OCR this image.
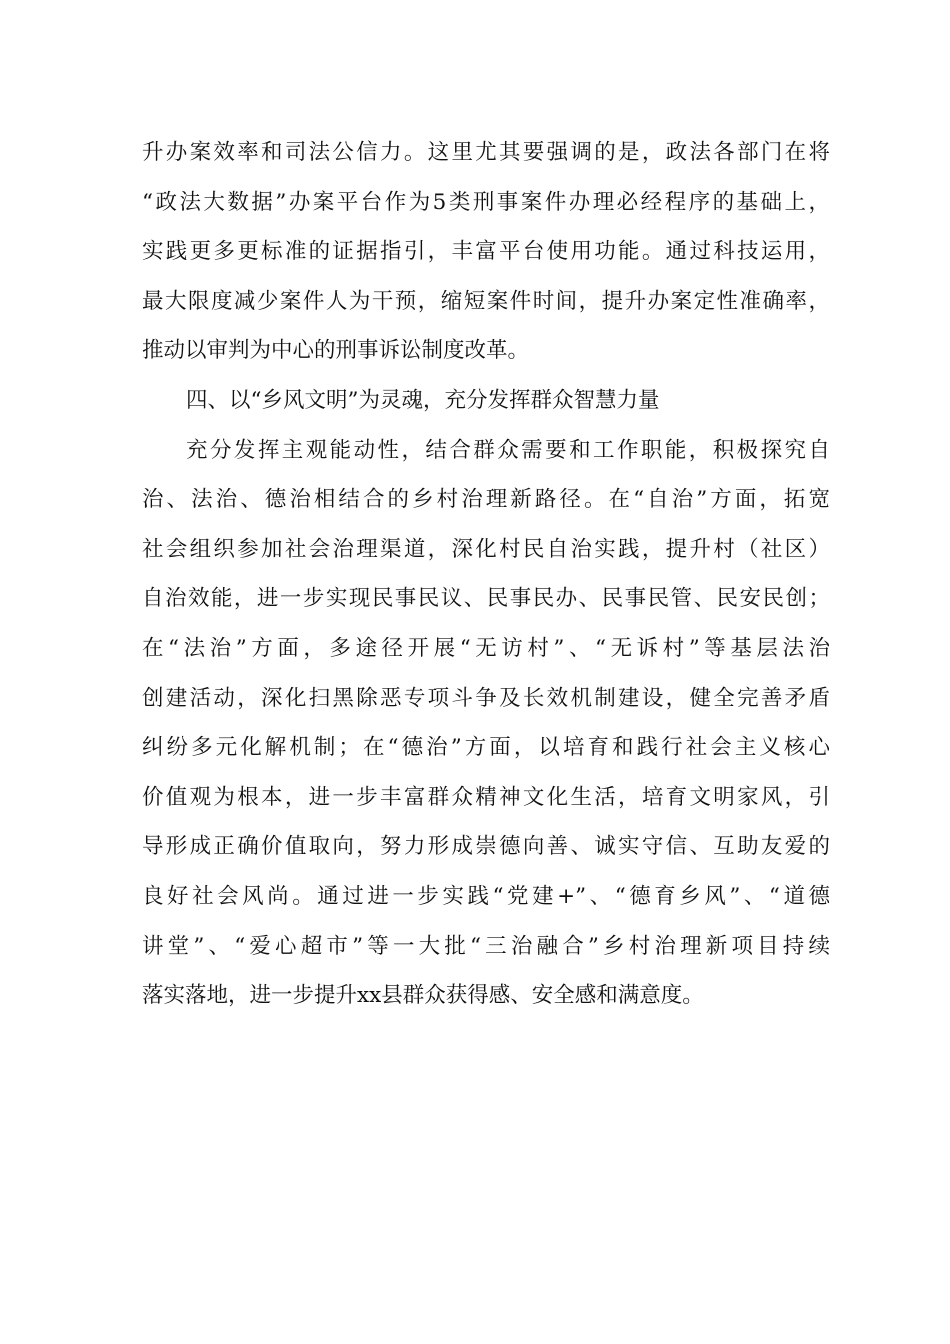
升办案效率和司法公信力。这里尤其要强调的是，政法各部门在将
“政法大数据”办案平台作为5类刑事案件办理必经程序的基础上，
实践更多更标准的证据指引，丰富平台使用功能。通过科技运用，
最大限度减少案件人为干预，缩短案件时间，提升办案定性准确率，
推动以审判为中心的刑事诉讼制度改革。
四、以“乡风文明”为灵魂，充分发挥群众智慧力量
充分发挥主观能动性，结合群众需要和工作职能，积极探究自
治、法治、德治相结合的乡村治理新路径。在“自治”方面，拓宽
社会组织参加社会治理渠道，深化村民自治实践，提升村（社区）
自治效能，进一步实现民事民议、民事民办、民事民管、民安民创；
在“法治”方面，多途径开展“无访村”、“无诉村”等基层法治
创建活动，深化扫黑除恶专项斗争及长效机制建设，健全完善矛盾
纠纷多元化解机制；在“德治”方面，以培育和践行社会主义核心
价值观为根本，进一步丰富群众精神文化生活，培育文明家风，引
导形成正确价值取向，努力形成崇德向善、诚实守信、互助友爱的
良好社会风尚。通过进一步实践“党建+”、“德育乡风”、“道德
讲堂”、“爱心超市”等一大批“三治融合”乡村治理新项目持续
落实落地，进一步提升xx县群众获得感、安全感和满意度。
